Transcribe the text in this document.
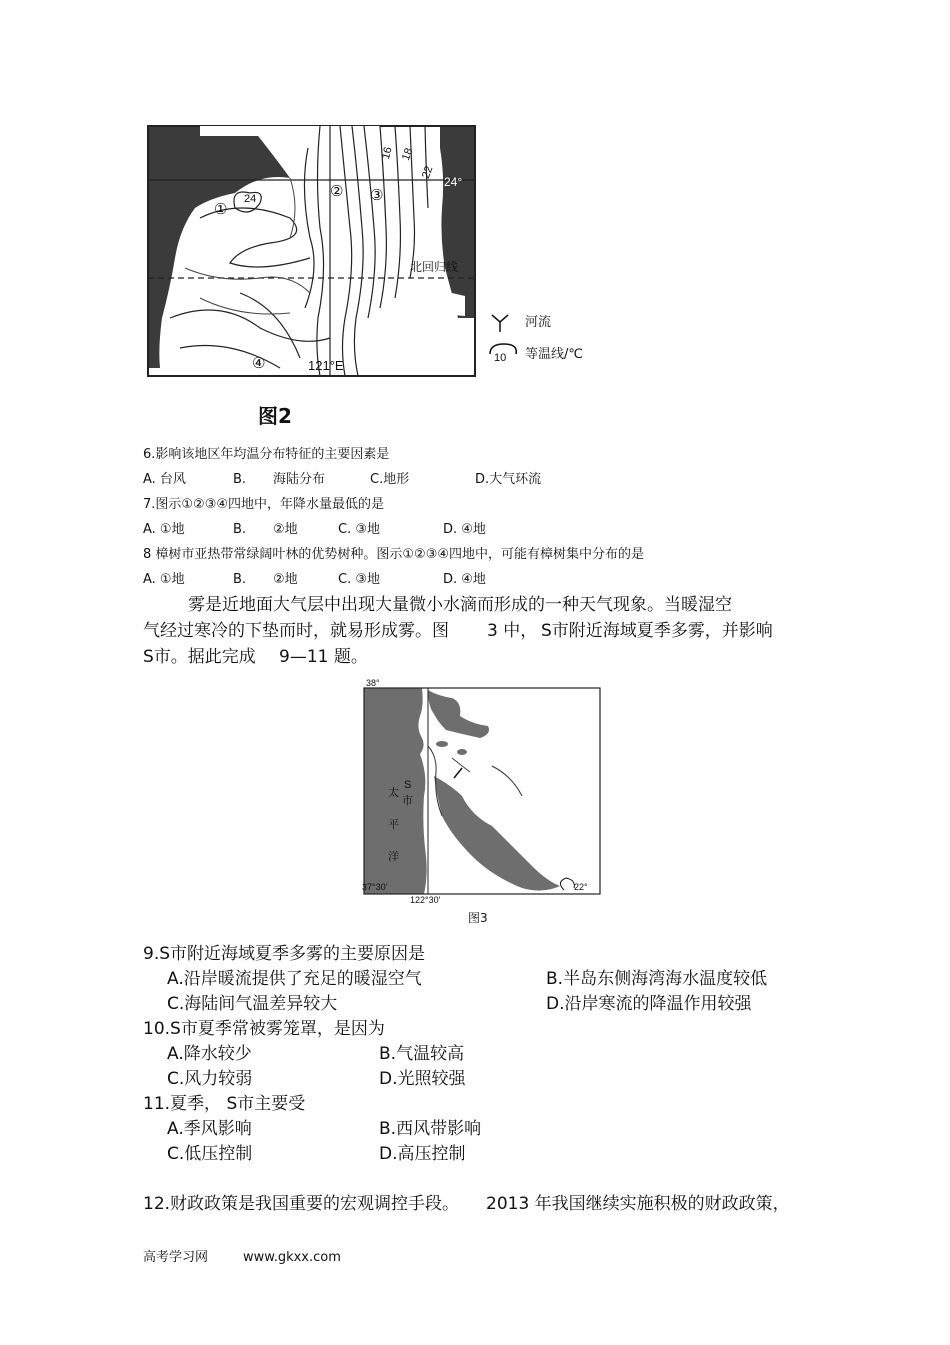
24°
北回归线
121°E
24
16 18
22
①
② ③
④
河流
10 等温线/℃
图2
6.影响该地区年均温分布特征的主要因素是
A. 台风	B. 海陆分布	C.地形	D.大气环流
7.图示①②③④四地中，年降水量最低的是
A. ①地	B. ②地	C. ③地	D. ④地
8 樟树市亚热带常绿阔叶林的优势树种。图示①②③④四地中，可能有樟树集中分布的是
A. ①地	B. ②地	C. ③地	D. ④地
雾是近地面大气层中出现大量微小水滴而形成的一种天气现象。当暖湿空
气经过寒冷的下垫而时，就易形成雾。图 3 中， S市附近海域夏季多雾，并影响
S市。据此完成 9—11 题。
38°
37°30'
122°30'
22°
S
市
太
平
洋
图3
9.S市附近海域夏季多雾的主要原因是
A.沿岸暖流提供了充足的暖湿空气	B.半岛东侧海湾海水温度较低
C.海陆间气温差异较大	D.沿岸寒流的降温作用较强
10.S市夏季常被雾笼罩，是因为
A.降水较少	B.气温较高
C.风力较弱	D.光照较强
11.夏季， S市主要受
A.季风影响	B.西风带影响
C.低压控制	D.高压控制
12.财政政策是我国重要的宏观调控手段。 2013 年我国继续实施积极的财政政策，
高考学习网	www.gkxx.com
